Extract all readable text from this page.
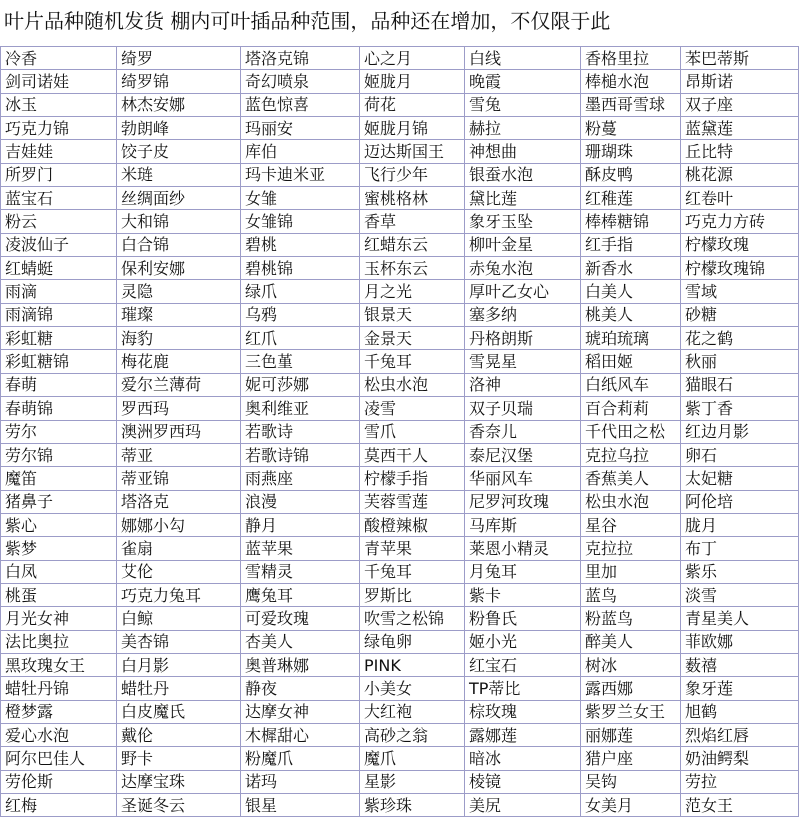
叶片品种随机发货 棚内可叶插品种范围，品种还在增加，不仅限于此
冷香	绮罗	塔洛克锦	心之月	白线	香格里拉	苯巴蒂斯
剑司诺娃	绮罗锦	奇幻喷泉	姬胧月	晚霞	棒槌水泡	昂斯诺
冰玉	林杰安娜	蓝色惊喜	荷花	雪兔	墨西哥雪球	双子座
巧克力锦	勃朗峰	玛丽安	姬胧月锦	赫拉	粉蔓	蓝黛莲
吉娃娃	饺子皮	库伯	迈达斯国王	神想曲	珊瑚珠	丘比特
所罗门	米琏	玛卡迪米亚	飞行少年	银蚕水泡	酥皮鸭	桃花源
蓝宝石	丝绸面纱	女雏	蜜桃格林	黛比莲	红稚莲	红卷叶
粉云	大和锦	女雏锦	香草	象牙玉坠	棒棒糖锦	巧克力方砖
凌波仙子	白合锦	碧桃	红蜡东云	柳叶金星	红手指	柠檬玫瑰
红蜻蜓	保利安娜	碧桃锦	玉杯东云	赤兔水泡	新香水	柠檬玫瑰锦
雨滴	灵隐	绿爪	月之光	厚叶乙女心	白美人	雪域
雨滴锦	璀璨	乌鸦	银景天	塞多纳	桃美人	砂糖
彩虹糖	海豹	红爪	金景天	丹格朗斯	琥珀琉璃	花之鹤
彩虹糖锦	梅花鹿	三色堇	千兔耳	雪晃星	稻田姬	秋丽
春萌	爱尔兰薄荷	妮可莎娜	松虫水泡	洛神	白纸风车	猫眼石
春萌锦	罗西玛	奥利维亚	凌雪	双子贝瑞	百合莉莉	紫丁香
劳尔	澳洲罗西玛	若歌诗	雪爪	香奈儿	千代田之松	红边月影
劳尔锦	蒂亚	若歌诗锦	莫西干人	泰尼汉堡	克拉乌拉	卵石
魔笛	蒂亚锦	雨燕座	柠檬手指	华丽风车	香蕉美人	太妃糖
猪鼻子	塔洛克	浪漫	芙蓉雪莲	尼罗河玫瑰	松虫水泡	阿伦培
紫心	娜娜小勾	静月	酸橙辣椒	马库斯	星谷	胧月
紫梦	雀扇	蓝苹果	青苹果	莱恩小精灵	克拉拉	布丁
白凤	艾伦	雪精灵	千兔耳	月兔耳	里加	紫乐
桃蛋	巧克力兔耳	鹰兔耳	罗斯比	紫卡	蓝鸟	淡雪
月光女神	白鲸	可爱玫瑰	吹雪之松锦	粉鲁氏	粉蓝鸟	青星美人
法比奥拉	美杏锦	杏美人	绿龟卵	姬小光	醉美人	菲欧娜
黑玫瑰女王	白月影	奥普琳娜	PINK	红宝石	树冰	薮禧
蜡牡丹锦	蜡牡丹	静夜	小美女	TP蒂比	露西娜	象牙莲
橙梦露	白皮魔氏	达摩女神	大红袍	棕玫瑰	紫罗兰女王	旭鹤
爱心水泡	戴伦	木樨甜心	高砂之翁	露娜莲	丽娜莲	烈焰红唇
阿尔巴佳人	野卡	粉魔爪	魔爪	暗冰	猎户座	奶油鳄梨
劳伦斯	达摩宝珠	诺玛	星影	棱镜	吴钩	劳拉
红梅	圣诞冬云	银星	紫珍珠	美尻	女美月	范女王
